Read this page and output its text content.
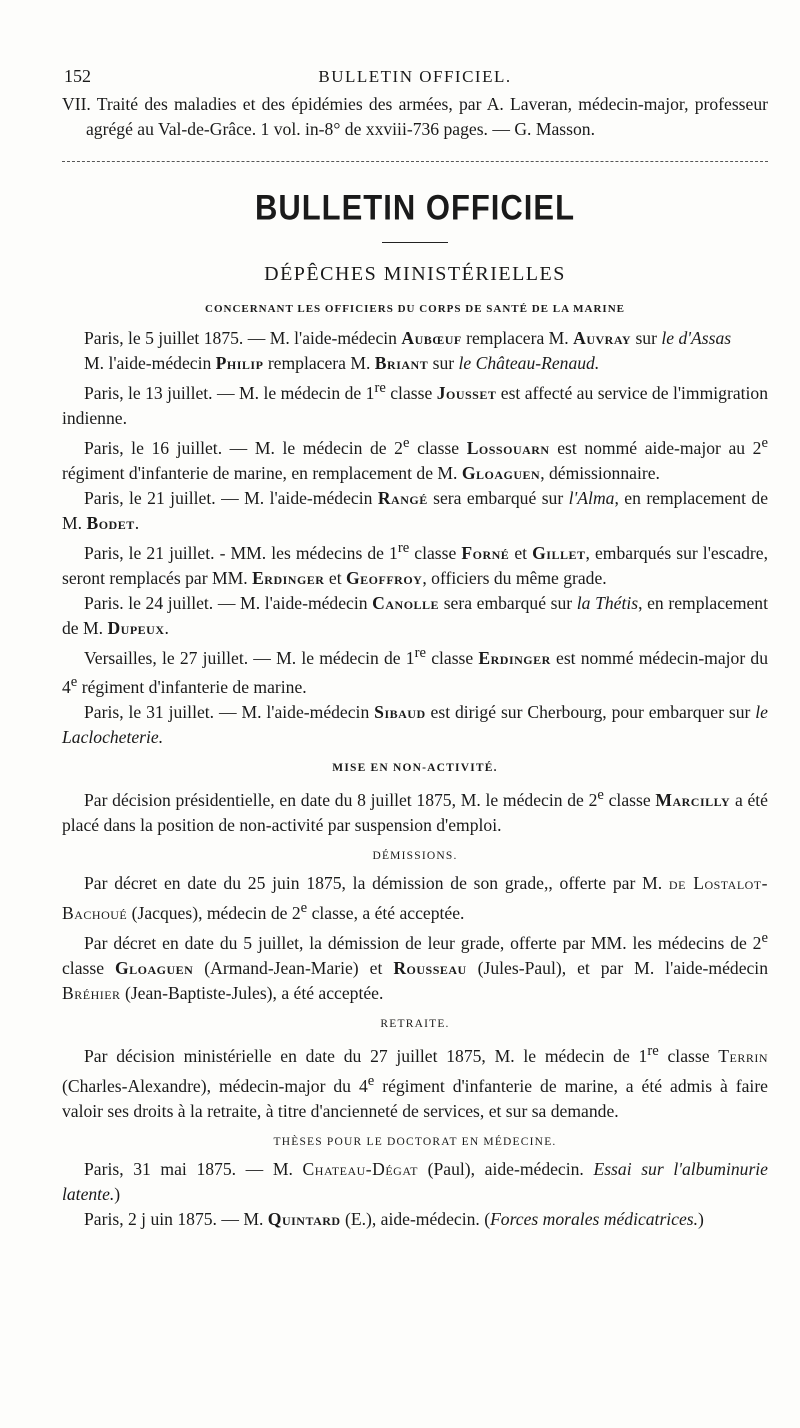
152	BULLETIN OFFICIEL.

VII. Traité des maladies et des épidémies des armées, par A. Laveran, médecin-major, professeur agrégé au Val-de-Grâce. 1 vol. in-8° de xxviii-736 pages. — G. Masson.

BULLETIN OFFICIEL
DÉPÊCHES MINISTÉRIELLES
CONCERNANT LES OFFICIERS DU CORPS DE SANTÉ DE LA MARINE

Paris, le 5 juillet 1875. — M. l'aide-médecin Aubœuf remplacera M. Auvray sur le d'Assas

M. l'aide-médecin Philip remplacera M. Briant sur le Château-Renaud.

Paris, le 13 juillet. — M. le médecin de 1re classe Jousset est affecté au service de l'immigration indienne.

Paris, le 16 juillet. — M. le médecin de 2e classe Lossouarn est nommé aide-major au 2e régiment d'infanterie de marine, en remplacement de M. Gloaguen, démissionnaire.

Paris, le 21 juillet. — M. l'aide-médecin Rangé sera embarqué sur l'Alma, en remplacement de M. Bodet.

Paris, le 21 juillet. - MM. les médecins de 1re classe Forné et Gillet, embarqués sur l'escadre, seront remplacés par MM. Erdinger et Geoffroy, officiers du même grade.

Paris. le 24 juillet. — M. l'aide-médecin Canolle sera embarqué sur la Thétis, en remplacement de M. Dupeux.

Versailles, le 27 juillet. — M. le médecin de 1re classe Erdinger est nommé médecin-major du 4e régiment d'infanterie de marine.

Paris, le 31 juillet. — M. l'aide-médecin Sibaud est dirigé sur Cherbourg, pour embarquer sur le Laclocheterie.

MISE EN NON-ACTIVITÉ.

Par décision présidentielle, en date du 8 juillet 1875, M. le médecin de 2e classe Marcilly a été placé dans la position de non-activité par suspension d'emploi.

DÉMISSIONS.

Par décret en date du 25 juin 1875, la démission de son grade,, offerte par M. de Lostalot-Bachoué (Jacques), médecin de 2e classe, a été acceptée.

Par décret en date du 5 juillet, la démission de leur grade, offerte par MM. les médecins de 2e classe Gloaguen (Armand-Jean-Marie) et Rousseau (Jules-Paul), et par M. l'aide-médecin Bréhier (Jean-Baptiste-Jules), a été acceptée.

RETRAITE.

Par décision ministérielle en date du 27 juillet 1875, M. le médecin de 1re classe Terrin (Charles-Alexandre), médecin-major du 4e régiment d'infanterie de marine, a été admis à faire valoir ses droits à la retraite, à titre d'ancienneté de services, et sur sa demande.

THÈSES POUR LE DOCTORAT EN MÉDECINE.

Paris, 31 mai 1875. — M. Chateau-Dégat (Paul), aide-médecin. Essai sur l'albuminurie latente.)

Paris, 2 j uin 1875. — M. Quintard (E.), aide-médecin. (Forces morales médicatrices.)
